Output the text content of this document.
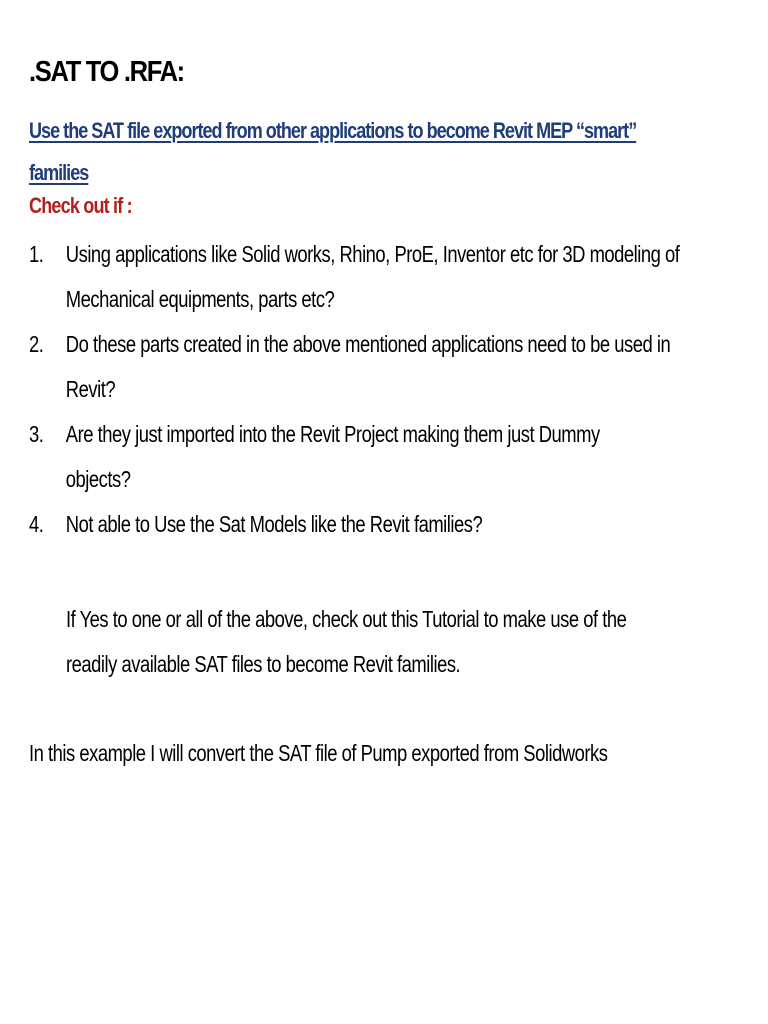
.SAT TO .RFA:
Use the SAT file exported from other applications to become Revit MEP “smart”
families
Check out if :
1. Using applications like Solid works, Rhino, ProE, Inventor etc for 3D modeling of
Mechanical equipments, parts etc?
2. Do these parts created in the above mentioned applications need to be used in
Revit?
3. Are they just imported into the Revit Project making them just Dummy
objects?
4. Not able to Use the Sat Models like the Revit families?
If Yes to one or all of the above, check out this Tutorial to make use of the
readily available SAT files to become Revit families.
In this example I will convert the SAT file of Pump exported from Solidworks
